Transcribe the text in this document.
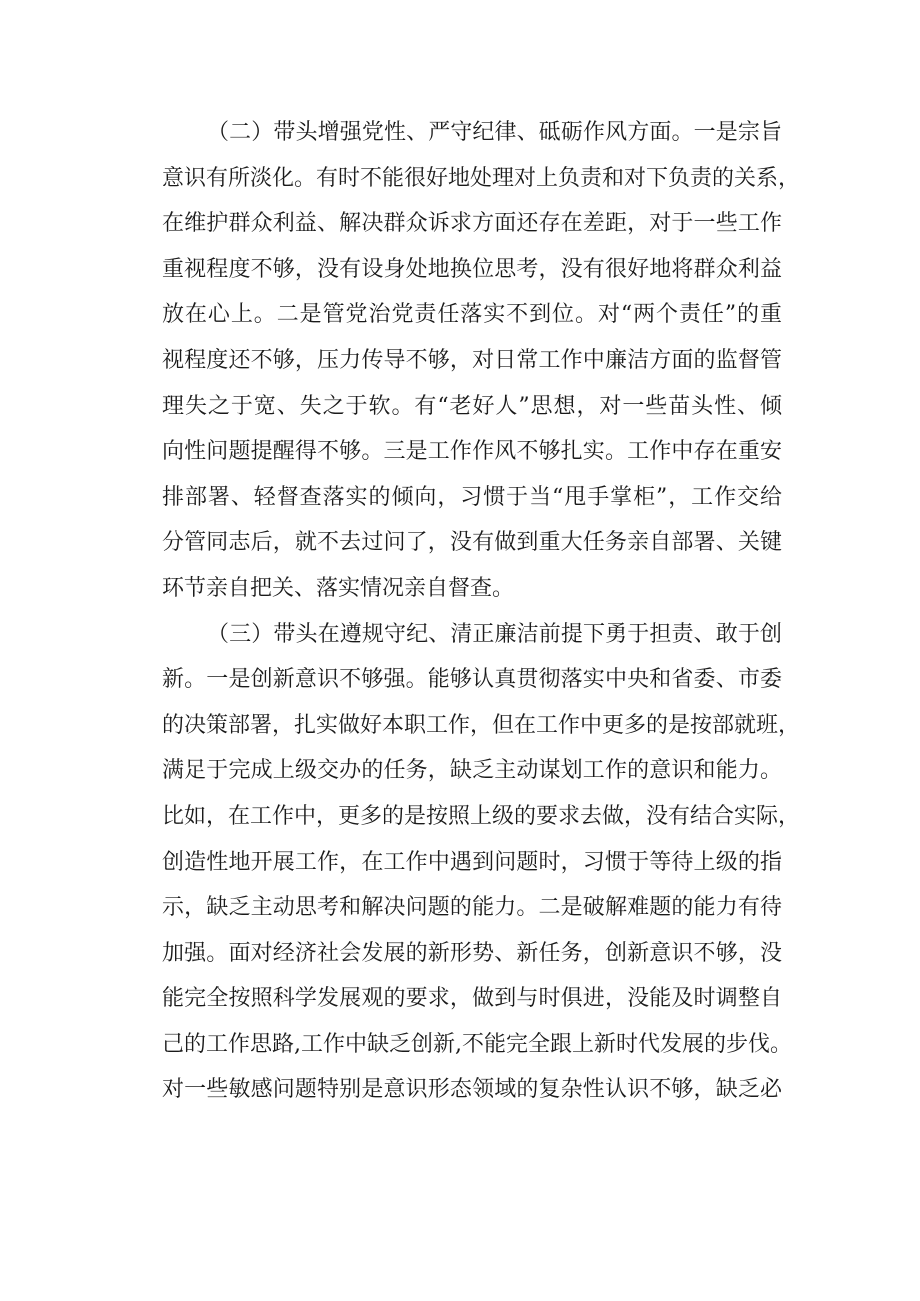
（二）带头增强党性、严守纪律、砥砺作风方面。一是宗旨
意识有所淡化。有时不能很好地处理对上负责和对下负责的关系，
在维护群众利益、解决群众诉求方面还存在差距，对于一些工作
重视程度不够，没有设身处地换位思考，没有很好地将群众利益
放在心上。二是管党治党责任落实不到位。对“两个责任”的重
视程度还不够，压力传导不够，对日常工作中廉洁方面的监督管
理失之于宽、失之于软。有“老好人”思想，对一些苗头性、倾
向性问题提醒得不够。三是工作作风不够扎实。工作中存在重安
排部署、轻督查落实的倾向，习惯于当“甩手掌柜”，工作交给
分管同志后，就不去过问了，没有做到重大任务亲自部署、关键
环节亲自把关、落实情况亲自督查。
（三）带头在遵规守纪、清正廉洁前提下勇于担责、敢于创
新。一是创新意识不够强。能够认真贯彻落实中央和省委、市委
的决策部署，扎实做好本职工作，但在工作中更多的是按部就班，
满足于完成上级交办的任务，缺乏主动谋划工作的意识和能力。
比如，在工作中，更多的是按照上级的要求去做，没有结合实际，
创造性地开展工作，在工作中遇到问题时，习惯于等待上级的指
示，缺乏主动思考和解决问题的能力。二是破解难题的能力有待
加强。面对经济社会发展的新形势、新任务，创新意识不够，没
能完全按照科学发展观的要求，做到与时俱进，没能及时调整自
己的工作思路,工作中缺乏创新,不能完全跟上新时代发展的步伐。
对一些敏感问题特别是意识形态领域的复杂性认识不够，缺乏必
